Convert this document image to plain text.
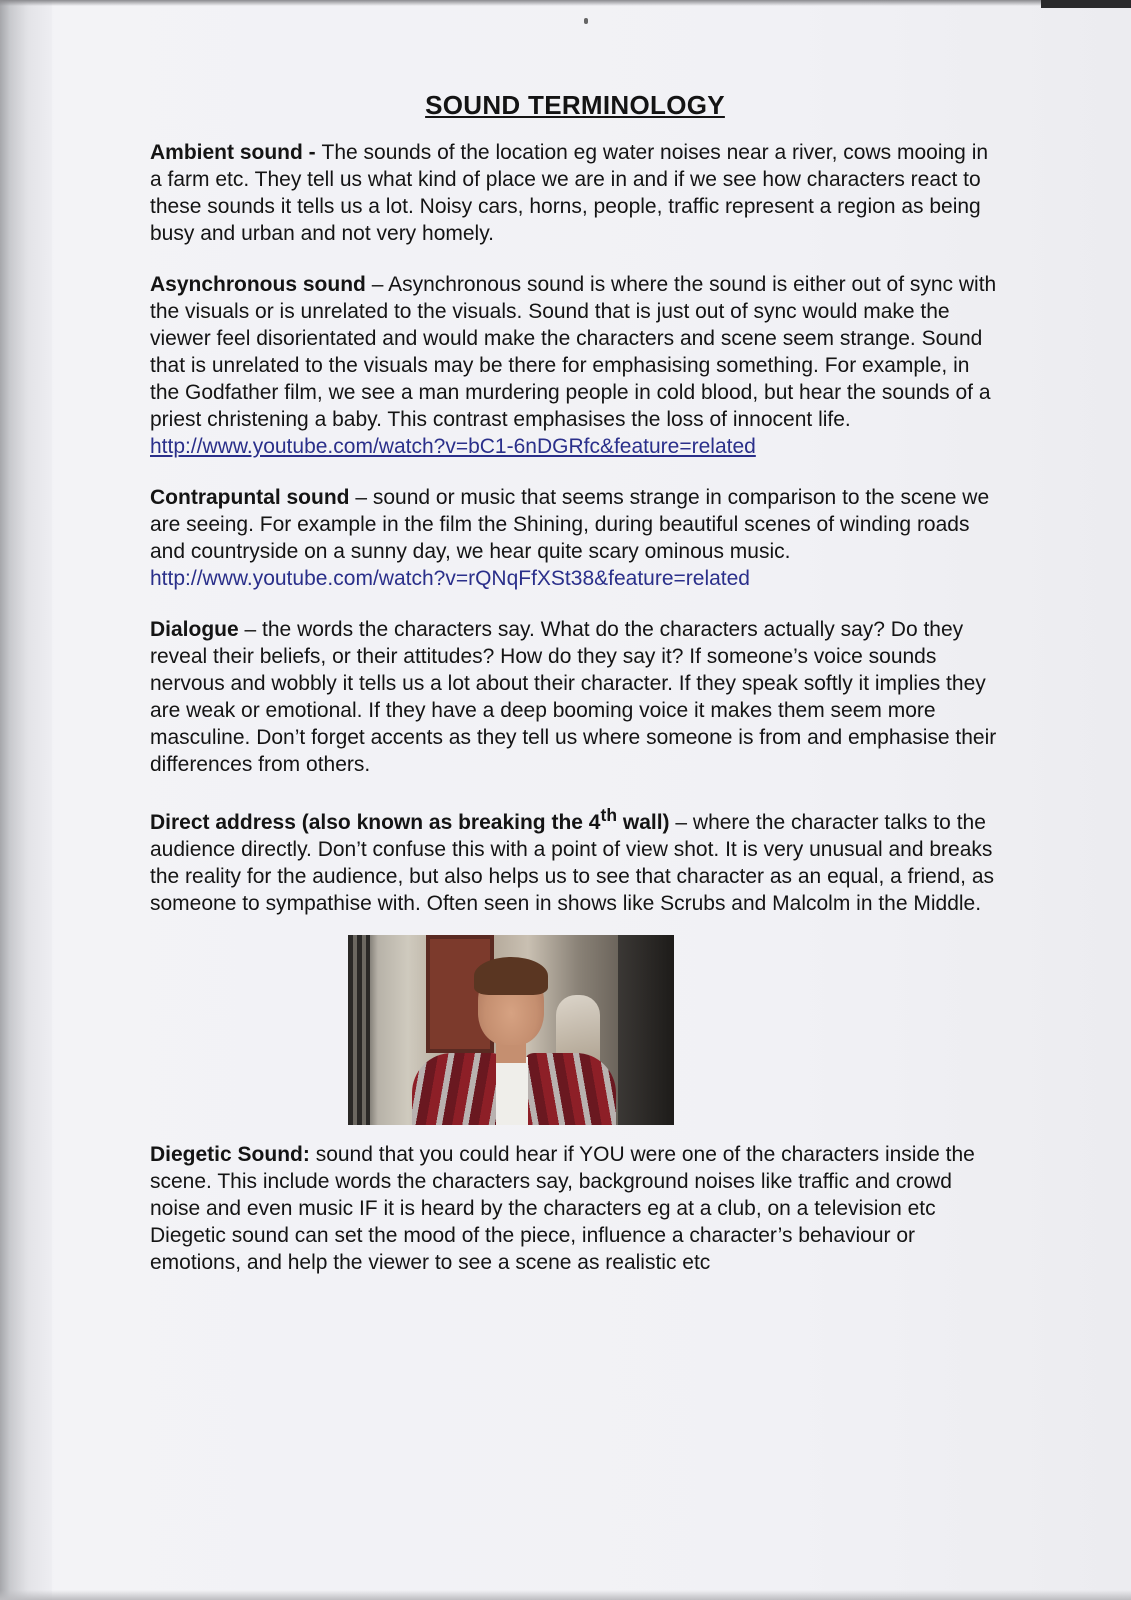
SOUND TERMINOLOGY

Ambient sound - The sounds of the location eg water noises near a river, cows mooing in a farm etc. They tell us what kind of place we are in and if we see how characters react to these sounds it tells us a lot. Noisy cars, horns, people, traffic represent a region as being busy and urban and not very homely.

Asynchronous sound – Asynchronous sound is where the sound is either out of sync with the visuals or is unrelated to the visuals. Sound that is just out of sync would make the viewer feel disorientated and would make the characters and scene seem strange. Sound that is unrelated to the visuals may be there for emphasising something. For example, in the Godfather film, we see a man murdering people in cold blood, but hear the sounds of a priest christening a baby. This contrast emphasises the loss of innocent life. http://www.youtube.com/watch?v=bC1-6nDGRfc&feature=related

Contrapuntal sound – sound or music that seems strange in comparison to the scene we are seeing. For example in the film the Shining, during beautiful scenes of winding roads and countryside on a sunny day, we hear quite scary ominous music.
http://www.youtube.com/watch?v=rQNqFfXSt38&feature=related

Dialogue – the words the characters say. What do the characters actually say? Do they reveal their beliefs, or their attitudes? How do they say it? If someone’s voice sounds nervous and wobbly it tells us a lot about their character. If they speak softly it implies they are weak or emotional. If they have a deep booming voice it makes them seem more masculine. Don’t forget accents as they tell us where someone is from and emphasise their differences from others.

Direct address (also known as breaking the 4th wall) – where the character talks to the audience directly. Don’t confuse this with a point of view shot. It is very unusual and breaks the reality for the audience, but also helps us to see that character as an equal, a friend, as someone to sympathise with. Often seen in shows like Scrubs and Malcolm in the Middle.

Diegetic Sound: sound that you could hear if YOU were one of the characters inside the scene. This include words the characters say, background noises like traffic and crowd noise and even music IF it is heard by the characters eg at a club, on a television etc Diegetic sound can set the mood of the piece, influence a character’s behaviour or emotions, and help the viewer to see a scene as realistic etc
